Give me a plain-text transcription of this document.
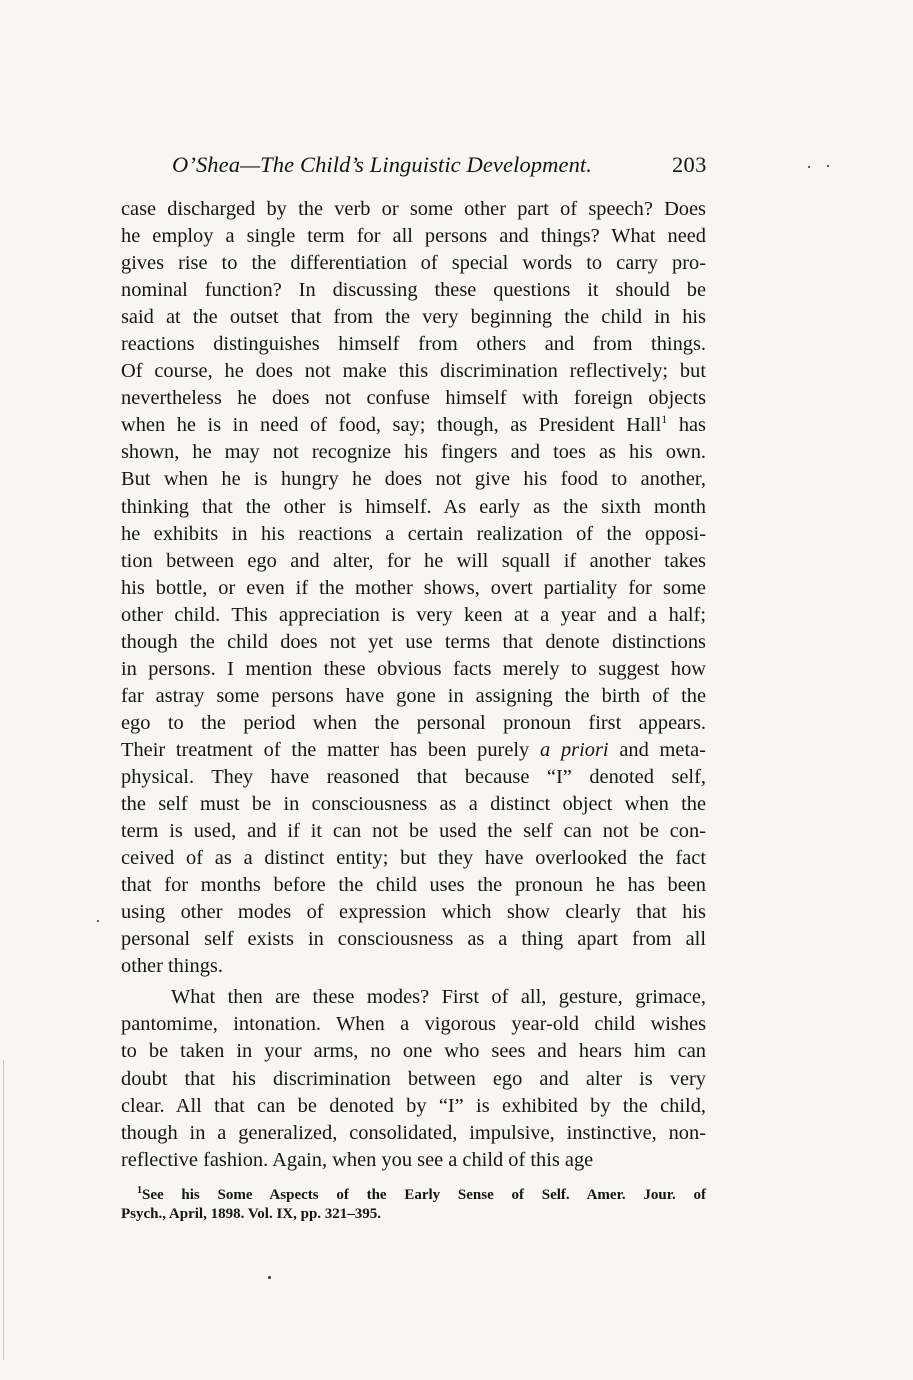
O’Shea—The Child’s Linguistic Development.	203
case discharged by the verb or some other part of speech? Does
he employ a single term for all persons and things? What need
gives rise to the differentiation of special words to carry pro-
nominal function? In discussing these questions it should be
said at the outset that from the very beginning the child in his
reactions distinguishes himself from others and from things.
Of course, he does not make this discrimination reflectively; but
nevertheless he does not confuse himself with foreign objects
when he is in need of food, say; though, as President Hall$^1$ has
shown, he may not recognize his fingers and toes as his own.
But when he is hungry he does not give his food to another,
thinking that the other is himself. As early as the sixth month
he exhibits in his reactions a certain realization of the opposi-
tion between ego and alter, for he will squall if another takes
his bottle, or even if the mother shows, overt partiality for some
other child. This appreciation is very keen at a year and a half;
though the child does not yet use terms that denote distinctions
in persons. I mention these obvious facts merely to suggest how
far astray some persons have gone in assigning the birth of the
ego to the period when the personal pronoun first appears.
Their treatment of the matter has been purely a priori and meta-
physical. They have reasoned that because “I” denoted self,
the self must be in consciousness as a distinct object when the
term is used, and if it can not be used the self can not be con-
ceived of as a distinct entity; but they have overlooked the fact
that for months before the child uses the pronoun he has been
using other modes of expression which show clearly that his
personal self exists in consciousness as a thing apart from all
other things.
What then are these modes? First of all, gesture, grimace,
pantomime, intonation. When a vigorous year-old child wishes
to be taken in your arms, no one who sees and hears him can
doubt that his discrimination between ego and alter is very
clear. All that can be denoted by “I” is exhibited by the child,
though in a generalized, consolidated, impulsive, instinctive, non-
reflective fashion. Again, when you see a child of this age
$^1$See his Some Aspects of the Early Sense of Self. Amer. Jour. of
Psych., April, 1898. Vol. IX, pp. 321–395.
